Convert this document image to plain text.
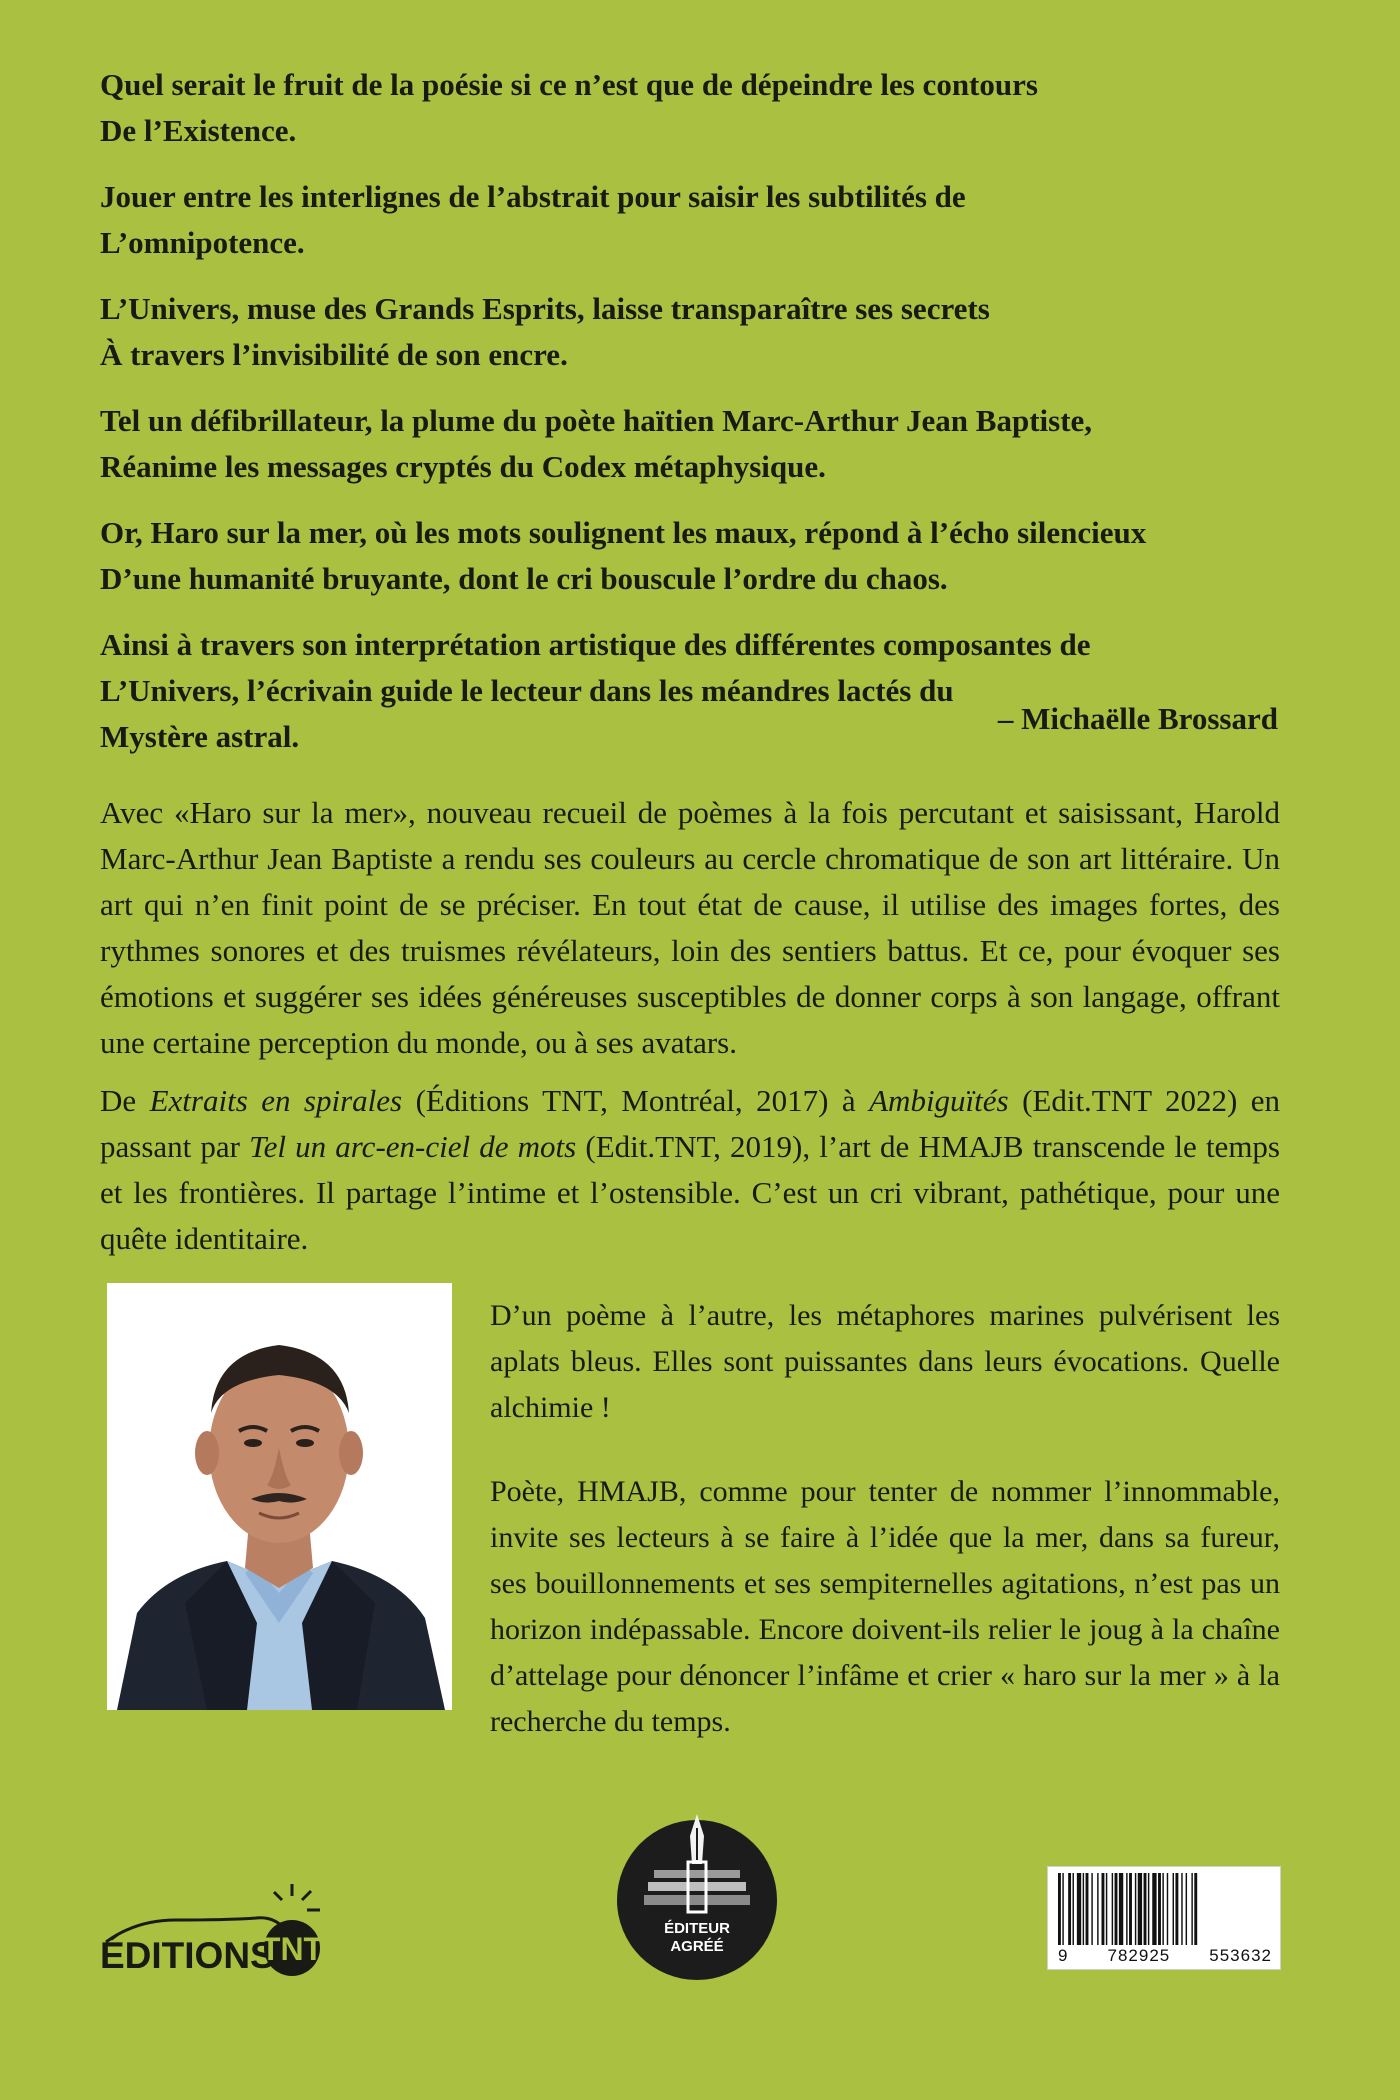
Quel serait le fruit de la poésie si ce n’est que de dépeindre les contours
De l’Existence.
Jouer entre les interlignes de l’abstrait pour saisir les subtilités de
L’omnipotence.
L’Univers, muse des Grands Esprits, laisse transparaître ses secrets
À travers l’invisibilité de son encre.
Tel un défibrillateur, la plume du poète haïtien Marc-Arthur Jean Baptiste,
Réanime les messages cryptés du Codex métaphysique.
Or, Haro sur la mer, où les mots soulignent les maux, répond à l’écho silencieux
D’une humanité bruyante, dont le cri bouscule l’ordre du chaos.
Ainsi à travers son interprétation artistique des différentes composantes de
L’Univers, l’écrivain guide le lecteur dans les méandres lactés du
Mystère astral.
– Michaëlle Brossard

Avec «Haro sur la mer», nouveau recueil de poèmes à la fois percutant et saisissant, Harold Marc-Arthur Jean Baptiste a rendu ses couleurs au cercle chromatique de son art littéraire. Un art qui n’en finit point de se préciser. En tout état de cause, il utilise des images fortes, des rythmes sonores et des truismes révélateurs, loin des sentiers battus. Et ce, pour évoquer ses émotions et suggérer ses idées généreuses susceptibles de donner corps à son langage, offrant une certaine perception du monde, ou à ses avatars.

De Extraits en spirales (Éditions TNT, Montréal, 2017) à Ambiguïtés (Edit.TNT 2022) en passant par Tel un arc-en-ciel de mots (Edit.TNT, 2019), l’art de HMAJB transcende le temps et les frontières. Il partage l’intime et l’ostensible. C’est un cri vibrant, pathétique, pour une quête identitaire.

D’un poème à l’autre, les métaphores marines pulvérisent les aplats bleus. Elles sont puissantes dans leurs évocations. Quelle alchimie !

Poète, HMAJB, comme pour tenter de nommer l’innommable, invite ses lecteurs à se faire à l’idée que la mer, dans sa fureur, ses bouillonnements et ses sempiternelles agitations, n’est pas un horizon indépassable. Encore doivent-ils relier le joug à la chaîne d’attelage pour dénoncer l’infâme et crier « haro sur la mer » à la recherche du temps.

ÉDITIONS
TNT
ÉDITEUR
AGRÉÉ	9 782925 553632
